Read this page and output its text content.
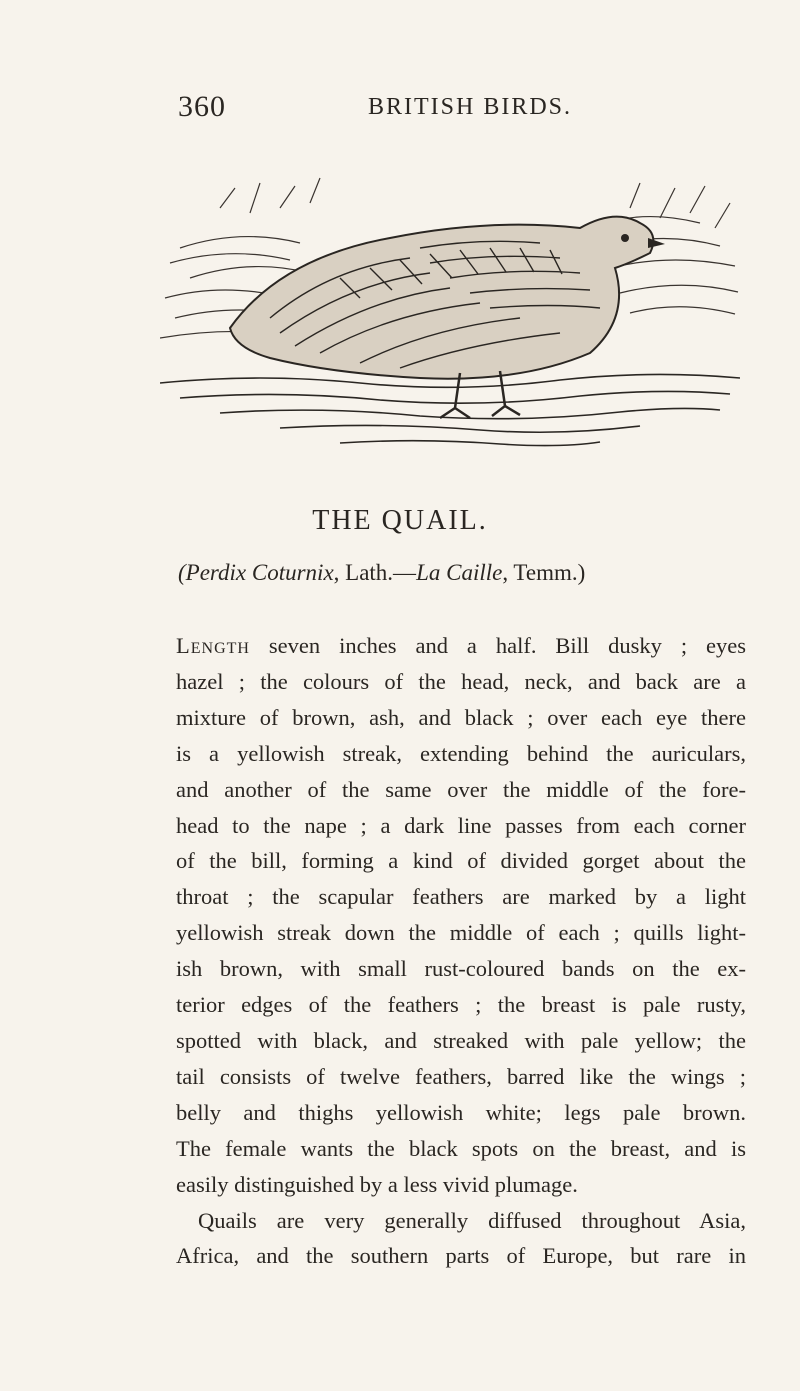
360	BRITISH BIRDS.
THE QUAIL.
(Perdix Coturnix, Lath.—La Caille, Temm.)

Length seven inches and a half. Bill dusky ; eyes
hazel ; the colours of the head, neck, and back are a
mixture of brown, ash, and black ; over each eye there
is a yellowish streak, extending behind the auriculars,
and another of the same over the middle of the fore-
head to the nape ; a dark line passes from each corner
of the bill, forming a kind of divided gorget about the
throat ; the scapular feathers are marked by a light
yellowish streak down the middle of each ; quills light-
ish brown, with small rust-coloured bands on the ex-
terior edges of the feathers ; the breast is pale rusty,
spotted with black, and streaked with pale yellow; the
tail consists of twelve feathers, barred like the wings ;
belly and thighs yellowish white; legs pale brown.
The female wants the black spots on the breast, and is
easily distinguished by a less vivid plumage.

Quails are very generally diffused throughout Asia,
Africa, and the southern parts of Europe, but rare in
